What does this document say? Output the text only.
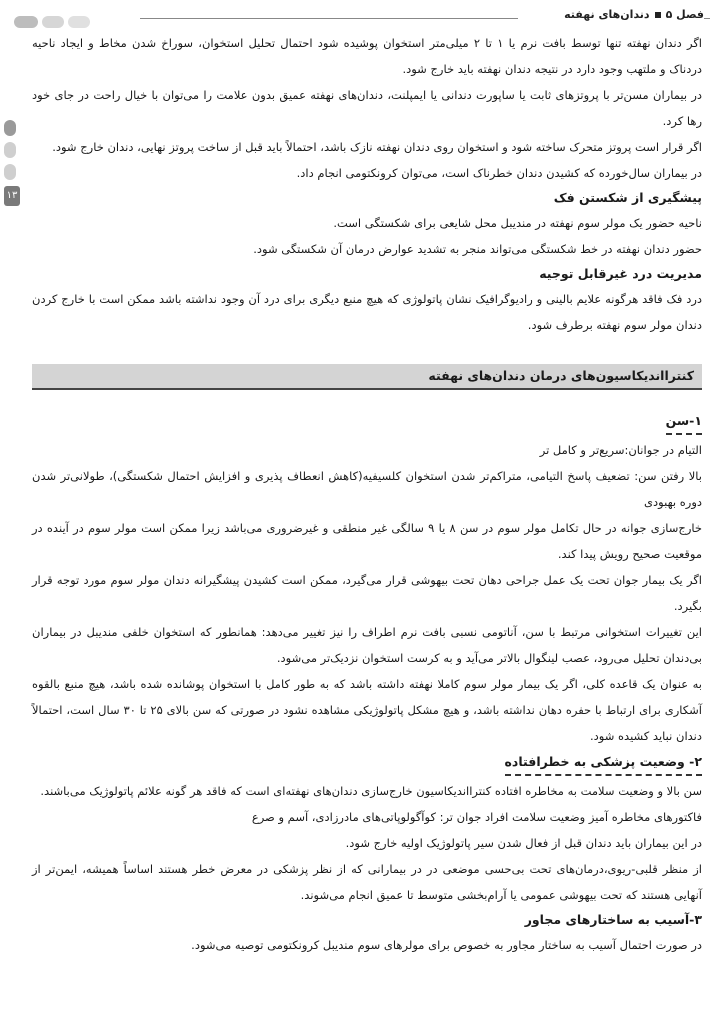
فصل ۵دندان‌های نهفته
۱۳

اگر دندان نهفته تنها توسط بافت نرم یا ۱ تا ۲ میلی‌متر استخوان پوشیده شود احتمال تحلیل استخوان، سوراخ شدن مخاط و ایجاد ناحیه دردناک و ملتهب وجود دارد در نتیجه دندان نهفته باید خارج شود.

در بیماران مسن‌تر با پروتزهای ثابت یا ساپورت دندانی یا ایمپلنت، دندان‌های نهفته عمیق بدون علامت را می‌توان با خیال راحت در جای خود رها کرد.

اگر قرار است پروتز متحرک ساخته شود و استخوان روی دندان نهفته نازک باشد، احتمالاً باید قبل از ساخت پروتز نهایی، دندان خارج شود.

در بیماران سال‌خورده که کشیدن دندان خطرناک است، می‌توان کرونکتومی انجام داد.

پیشگیری از شکستن فک

ناحیه حضور یک مولر سوم نهفته در مندیبل محل شایعی برای شکستگی است.

حضور دندان نهفته در خط شکستگی می‌تواند منجر به تشدید عوارض درمان آن شکستگی شود.

مدیریت درد غیرقابل توجیه

درد فک فاقد هرگونه علایم بالینی و رادیوگرافیک نشان پاتولوژی که هیچ منبع دیگری برای درد آن وجود نداشته باشد ممکن است با خارج کردن دندان مولر سوم نهفته برطرف شود.

کنترااندیکاسیون‌های درمان دندان‌های نهفته
۱-سن

التیام در جوانان:سریع‌تر و کامل تر

بالا رفتن سن: تضعیف پاسخ التیامی، متراکم‌تر شدن استخوان کلسیفیه(کاهش انعطاف پذیری و افزایش احتمال شکستگی)، طولانی‌تر شدن دوره بهبودی

خارج‌سازی جوانه در حال تکامل مولر سوم در سن ۸ یا ۹ سالگی غیر منطقی و غیرضروری می‌باشد زیرا ممکن است مولر سوم در آینده در موقعیت صحیح رویش پیدا کند.

اگر یک بیمار جوان تحت یک عمل جراحی دهان تحت بیهوشی قرار می‌گیرد، ممکن است کشیدن پیشگیرانه دندان مولر سوم مورد توجه قرار بگیرد.

این تغییرات استخوانی مرتبط با سن، آناتومی نسبی بافت نرم اطراف را نیز تغییر می‌دهد: همانطور که استخوان خلفی مندیبل در بیماران بی‌دندان تحلیل می‌رود، عصب لینگوال بالاتر می‌آید و به کرست استخوان نزدیک‌تر می‌شود.

به عنوان یک قاعده کلی، اگر یک بیمار مولر سوم کاملا نهفته داشته باشد که به طور کامل با استخوان پوشانده شده باشد، هیچ منبع بالقوه آشکاری برای ارتباط با حفره دهان نداشته باشد، و هیچ مشکل پاتولوژیکی مشاهده نشود در صورتی که سن بالای ۲۵ تا ۳۰ سال است، احتمالاً دندان نباید کشیده شود.

۲- وضعیت پزشکی به خطرافتاده

سن بالا و وضعیت سلامت به مخاطره افتاده کنترااندیکاسیون خارج‌سازی دندان‌های نهفته‌ای است که فاقد هر گونه علائم پاتولوژیک می‌باشند.

فاکتورهای مخاطره آمیز وضعیت سلامت افراد جوان تر: کوآگولوپاتی‌های مادرزادی، آسم و صرع

در این بیماران باید دندان قبل از فعال شدن سیر پاتولوژیک اولیه خارج شود.

از منظر قلبی-ریوی،درمان‌های تحت بی‌حسی موضعی در در بیمارانی که از نظر پزشکی در معرض خطر هستند اساساً همیشه، ایمن‌تر از آنهایی هستند که تحت بیهوشی عمومی یا آرام‌بخشی متوسط تا عمیق انجام می‌شوند.

۳-آسیب به ساختارهای مجاور

در صورت احتمال آسیب به ساختار مجاور به خصوص برای مولرهای سوم مندیبل کرونکتومی توصیه می‌شود.
